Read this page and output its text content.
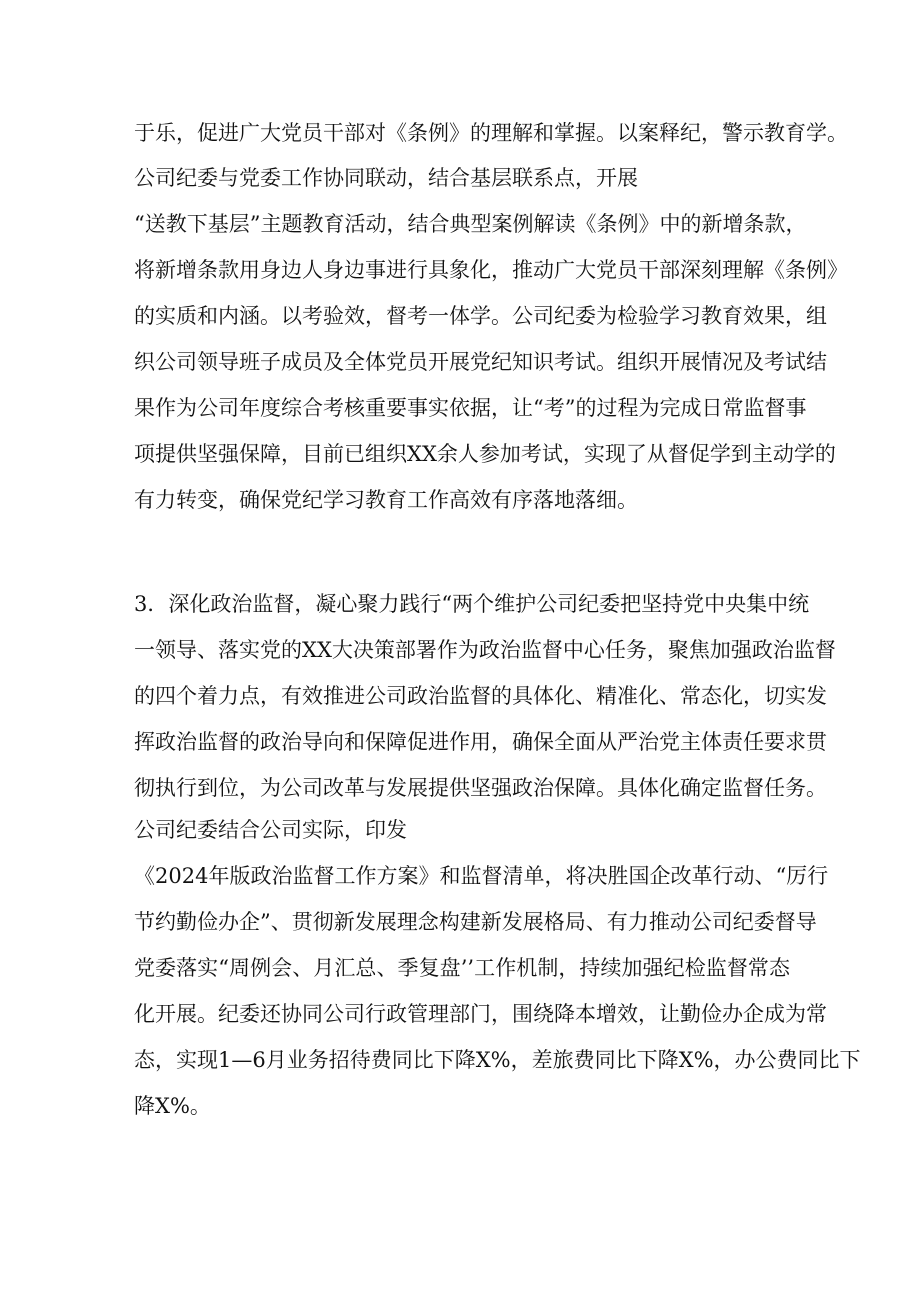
于乐，促进广大党员干部对《条例》的理解和掌握。以案释纪，警示教育学。
公司纪委与党委工作协同联动，结合基层联系点，开展
“送教下基层”主题教育活动，结合典型案例解读《条例》中的新增条款，
将新增条款用身边人身边事进行具象化，推动广大党员干部深刻理解《条例》
的实质和内涵。以考验效，督考一体学。公司纪委为检验学习教育效果，组
织公司领导班子成员及全体党员开展党纪知识考试。组织开展情况及考试结
果作为公司年度综合考核重要事实依据，让“考”的过程为完成日常监督事
项提供坚强保障，目前已组织XX余人参加考试，实现了从督促学到主动学的
有力转变，确保党纪学习教育工作高效有序落地落细。
3．深化政治监督，凝心聚力践行“两个维护公司纪委把坚持党中央集中统
一领导、落实党的XX大决策部署作为政治监督中心任务，聚焦加强政治监督
的四个着力点，有效推进公司政治监督的具体化、精准化、常态化，切实发
挥政治监督的政治导向和保障促进作用，确保全面从严治党主体责任要求贯
彻执行到位，为公司改革与发展提供坚强政治保障。具体化确定监督任务。
公司纪委结合公司实际，印发
《2024年版政治监督工作方案》和监督清单，将决胜国企改革行动、“厉行
节约勤俭办企”、贯彻新发展理念构建新发展格局、有力推动公司纪委督导
党委落实“周例会、月汇总、季复盘’’工作机制，持续加强纪检监督常态
化开展。纪委还协同公司行政管理部门，围绕降本增效，让勤俭办企成为常
态，实现1—6月业务招待费同比下降X%，差旅费同比下降X%，办公费同比下
降X%。
